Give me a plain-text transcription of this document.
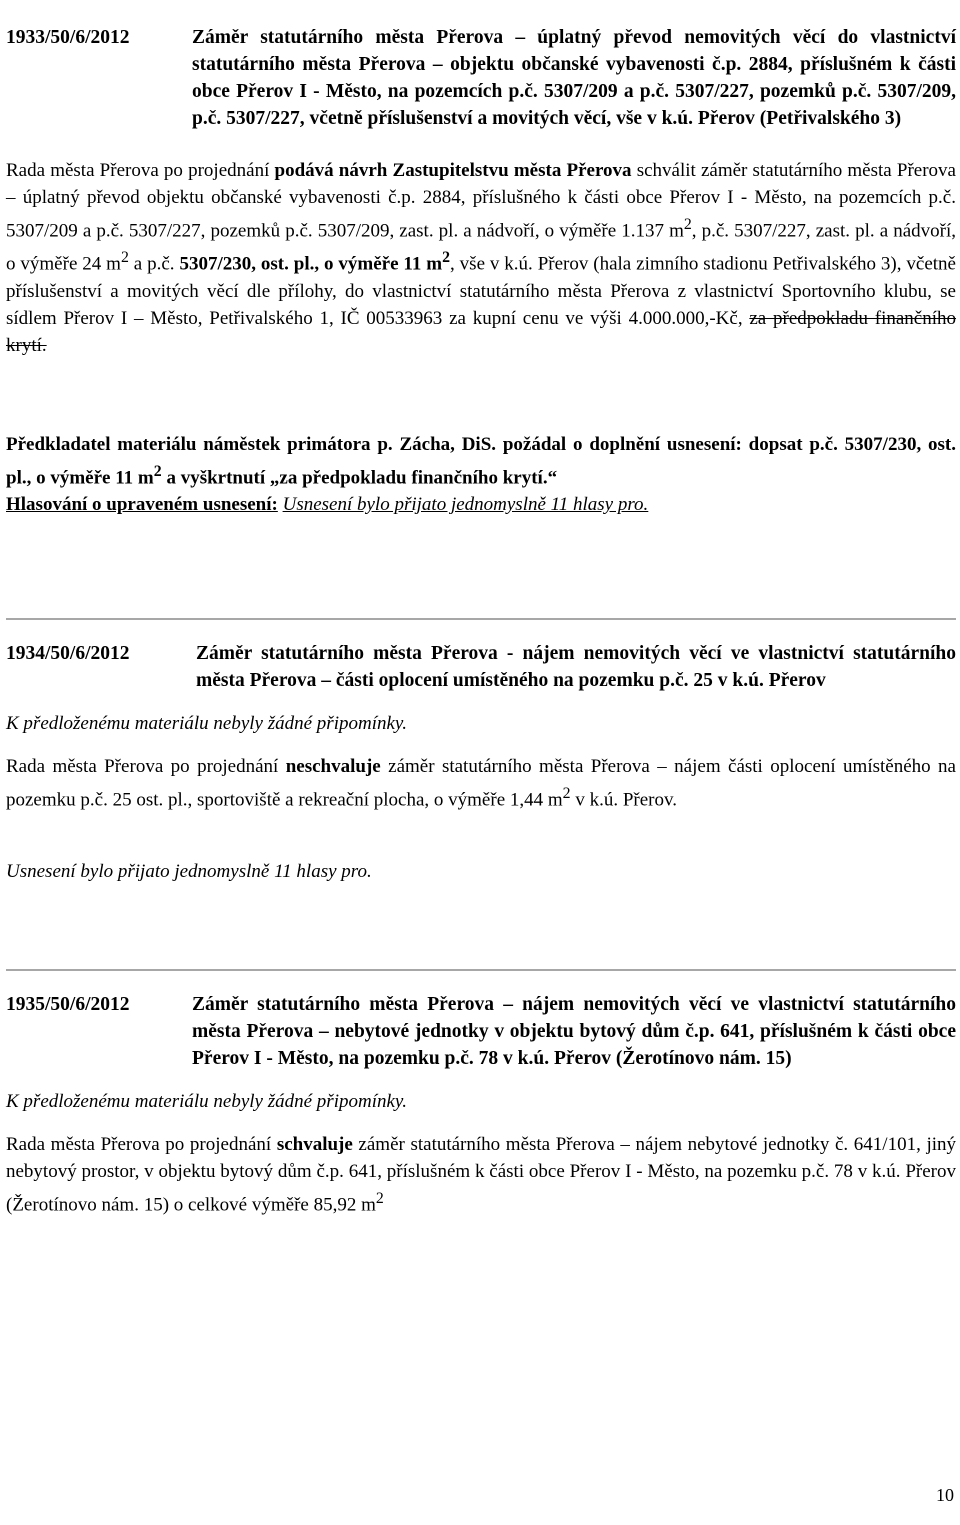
1933/50/6/2012	Záměr statutárního města Přerova – úplatný převod nemovitých věcí do vlastnictví statutárního města Přerova – objektu občanské vybavenosti č.p. 2884, příslušném k části obce Přerov I - Město, na pozemcích p.č. 5307/209 a p.č. 5307/227, pozemků p.č. 5307/209, p.č. 5307/227, včetně příslušenství a movitých věcí, vše v k.ú. Přerov (Petřivalského 3)

Rada města Přerova po projednání podává návrh Zastupitelstvu města Přerova schválit záměr statutárního města Přerova – úplatný převod objektu občanské vybavenosti č.p. 2884, příslušného k části obce Přerov I - Město, na pozemcích p.č. 5307/209 a p.č. 5307/227, pozemků p.č. 5307/209, zast. pl. a nádvoří, o výměře 1.137 $m^2$, p.č. 5307/227, zast. pl. a nádvoří, o výměře 24 $m^2$ a p.č. 5307/230, ost. pl., o výměře 11 $m^2$, vše v k.ú. Přerov (hala zimního stadionu Petřivalského 3), včetně příslušenství a movitých věcí dle přílohy, do vlastnictví statutárního města Přerova z vlastnictví Sportovního klubu, se sídlem Přerov I – Město, Petřivalského 1, IČ 00533963 za kupní cenu ve výši 4.000.000,-Kč, za předpokladu finančního krytí.

Předkladatel materiálu náměstek primátora p. Zácha, DiS. požádal o doplnění usnesení: dopsat p.č. 5307/230, ost. pl., o výměře 11 $m^2$ a vyškrtnutí „za předpokladu finančního krytí.“

Hlasování o upraveném usnesení: Usnesení bylo přijato jednomyslně 11 hlasy pro.

1934/50/6/2012	Záměr statutárního města Přerova - nájem nemovitých věcí ve vlastnictví statutárního města Přerova – části oplocení umístěného na pozemku p.č. 25 v k.ú. Přerov

K předloženému materiálu nebyly žádné připomínky.

Rada města Přerova po projednání neschvaluje záměr statutárního města Přerova – nájem části oplocení umístěného na pozemku p.č. 25 ost. pl., sportoviště a rekreační plocha, o výměře 1,44 $m^2$ v k.ú. Přerov.

Usnesení bylo přijato jednomyslně 11 hlasy pro.

1935/50/6/2012	Záměr statutárního města Přerova – nájem nemovitých věcí ve vlastnictví statutárního města Přerova – nebytové jednotky v objektu bytový dům č.p. 641, příslušném k části obce Přerov I - Město, na pozemku p.č. 78 v k.ú. Přerov (Žerotínovo nám. 15)

K předloženému materiálu nebyly žádné připomínky.

Rada města Přerova po projednání schvaluje záměr statutárního města Přerova – nájem nebytové jednotky č. 641/101, jiný nebytový prostor, v objektu bytový dům č.p. 641, příslušném k části obce Přerov I - Město, na pozemku p.č. 78 v k.ú. Přerov (Žerotínovo nám. 15) o celkové výměře 85,92 $m^2$

10
